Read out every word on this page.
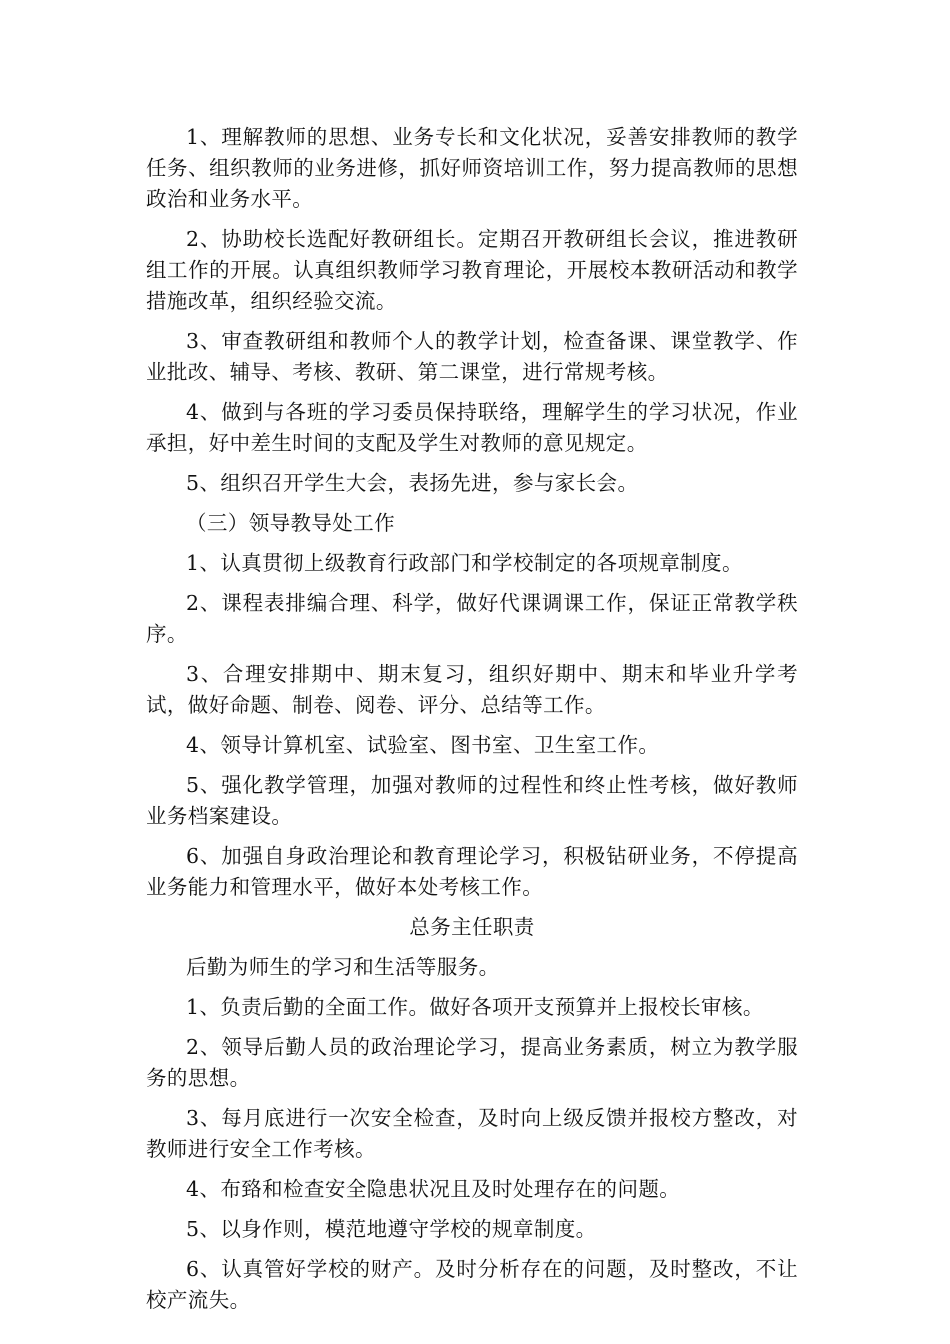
1、理解教师的思想、业务专长和文化状况，妥善安排教师的教学任务、组织教师的业务进修，抓好师资培训工作，努力提高教师的思想政治和业务水平。

2、协助校长选配好教研组长。定期召开教研组长会议，推进教研组工作的开展。认真组织教师学习教育理论，开展校本教研活动和教学措施改革，组织经验交流。

3、审查教研组和教师个人的教学计划，检查备课、课堂教学、作业批改、辅导、考核、教研、第二课堂，进行常规考核。

4、做到与各班的学习委员保持联络，理解学生的学习状况，作业承担，好中差生时间的支配及学生对教师的意见规定。

5、组织召开学生大会，表扬先进，参与家长会。

（三）领导教导处工作

1、认真贯彻上级教育行政部门和学校制定的各项规章制度。

2、课程表排编合理、科学，做好代课调课工作，保证正常教学秩序。

3、合理安排期中、期末复习，组织好期中、期末和毕业升学考试，做好命题、制卷、阅卷、评分、总结等工作。

4、领导计算机室、试验室、图书室、卫生室工作。

5、强化教学管理，加强对教师的过程性和终止性考核，做好教师业务档案建设。

6、加强自身政治理论和教育理论学习，积极钻研业务，不停提高业务能力和管理水平，做好本处考核工作。

总务主任职责

后勤为师生的学习和生活等服务。

1、负责后勤的全面工作。做好各项开支预算并上报校长审核。

2、领导后勤人员的政治理论学习，提高业务素质，树立为教学服务的思想。

3、每月底进行一次安全检查，及时向上级反馈并报校方整改，对教师进行安全工作考核。

4、布臵和检查安全隐患状况且及时处理存在的问题。

5、以身作则，模范地遵守学校的规章制度。

6、认真管好学校的财产。及时分析存在的问题，及时整改，不让校产流失。
